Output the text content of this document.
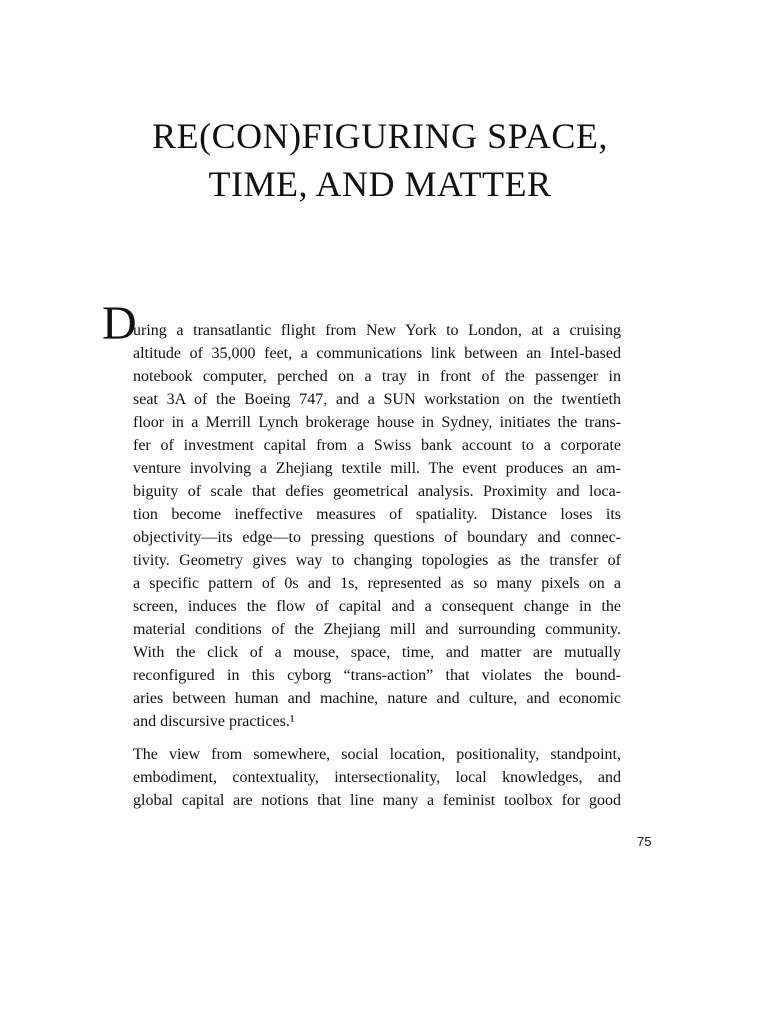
RE(CON)FIGURING SPACE,
TIME, AND MATTER
D
uring a transatlantic flight from New York to London, at a cruising
altitude of 35,000 feet, a communications link between an Intel-based
notebook computer, perched on a tray in front of the passenger in
seat 3A of the Boeing 747, and a SUN workstation on the twentieth
floor in a Merrill Lynch brokerage house in Sydney, initiates the trans-
fer of investment capital from a Swiss bank account to a corporate
venture involving a Zhejiang textile mill. The event produces an am-
biguity of scale that defies geometrical analysis. Proximity and loca-
tion become ineffective measures of spatiality. Distance loses its
objectivity—its edge—to pressing questions of boundary and connec-
tivity. Geometry gives way to changing topologies as the transfer of
a specific pattern of 0s and 1s, represented as so many pixels on a
screen, induces the flow of capital and a consequent change in the
material conditions of the Zhejiang mill and surrounding community.
With the click of a mouse, space, time, and matter are mutually
reconfigured in this cyborg “trans-action” that violates the bound-
aries between human and machine, nature and culture, and economic
and discursive practices.¹
The view from somewhere, social location, positionality, standpoint,
embodiment, contextuality, intersectionality, local knowledges, and
global capital are notions that line many a feminist toolbox for good
75
